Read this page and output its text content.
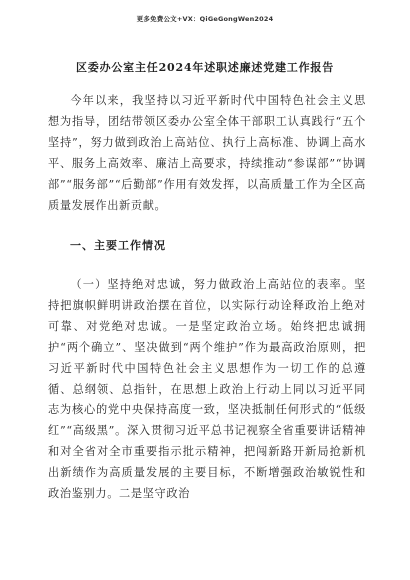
更多免费公文+VX：QiGeGongWen2024
区委办公室主任2024年述职述廉述党建工作报告
今年以来，我坚持以习近平新时代中国特色社会主义思想为指导，团结带领区委办公室全体干部职工认真践行“五个坚持”，努力做到政治上高站位、执行上高标准、协调上高水平、服务上高效率、廉洁上高要求，持续推动“参谋部”“协调部”“服务部”“后勤部”作用有效发挥，以高质量工作为全区高质量发展作出新贡献。
一、主要工作情况
（一）坚持绝对忠诚，努力做政治上高站位的表率。坚持把旗帜鲜明讲政治摆在首位，以实际行动诠释政治上绝对可靠、对党绝对忠诚。一是坚定政治立场。始终把忠诚拥护“两个确立”、坚决做到“两个维护”作为最高政治原则，把习近平新时代中国特色社会主义思想作为一切工作的总遵循、总纲领、总指针，在思想上政治上行动上同以习近平同志为核心的党中央保持高度一致，坚决抵制任何形式的“低级红”“高级黑”。深入贯彻习近平总书记视察全省重要讲话精神和对全省对全市重要指示批示精神，把闯新路开新局抢新机出新绩作为高质量发展的主要目标，不断增强政治敏锐性和政治鉴别力。二是坚守政治
